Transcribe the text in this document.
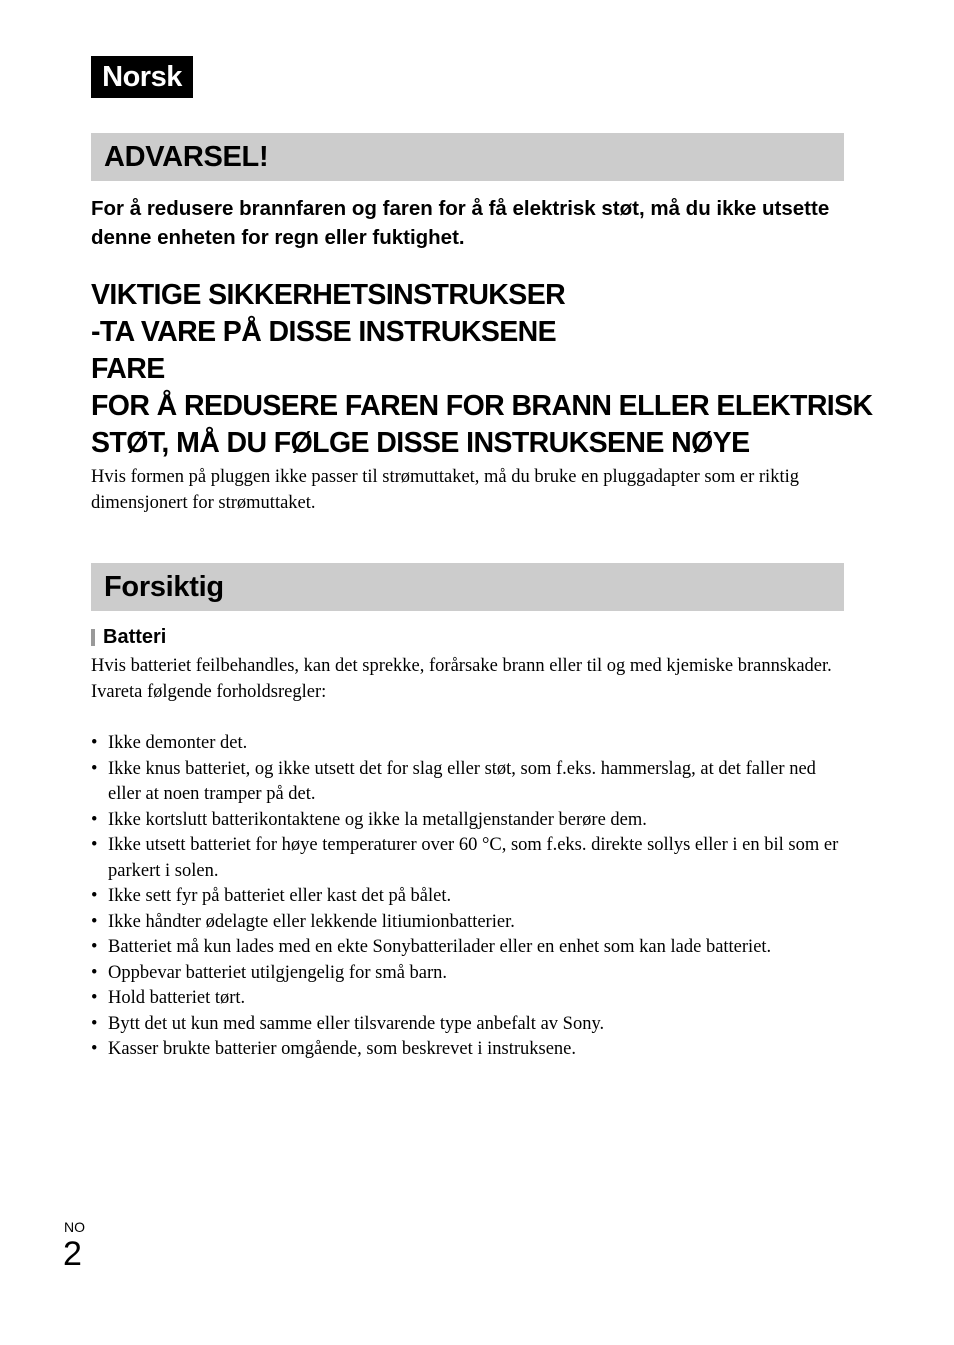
Norsk
ADVARSEL!
For å redusere brannfaren og faren for å få elektrisk støt, må du ikke utsette denne enheten for regn eller fuktighet.
VIKTIGE SIKKERHETSINSTRUKSER
-TA VARE PÅ DISSE INSTRUKSENE
FARE
FOR Å REDUSERE FAREN FOR BRANN ELLER ELEKTRISK
STØT, MÅ DU FØLGE DISSE INSTRUKSENE NØYE
Hvis formen på pluggen ikke passer til strømuttaket, må du bruke en pluggadapter som er riktig dimensjonert for strømuttaket.
Forsiktig
Batteri
Hvis batteriet feilbehandles, kan det sprekke, forårsake brann eller til og med kjemiske brannskader. Ivareta følgende forholdsregler:
• Ikke demonter det.
• Ikke knus batteriet, og ikke utsett det for slag eller støt, som f.eks. hammerslag, at det faller ned eller at noen tramper på det.
• Ikke kortslutt batterikontaktene og ikke la metallgjenstander berøre dem.
• Ikke utsett batteriet for høye temperaturer over 60 °C, som f.eks. direkte sollys eller i en bil som er parkert i solen.
• Ikke sett fyr på batteriet eller kast det på bålet.
• Ikke håndter ødelagte eller lekkende litiumionbatterier.
• Batteriet må kun lades med en ekte Sonybatterilader eller en enhet som kan lade batteriet.
• Oppbevar batteriet utilgjengelig for små barn.
• Hold batteriet tørt.
• Bytt det ut kun med samme eller tilsvarende type anbefalt av Sony.
• Kasser brukte batterier omgående, som beskrevet i instruksene.
NO
2
